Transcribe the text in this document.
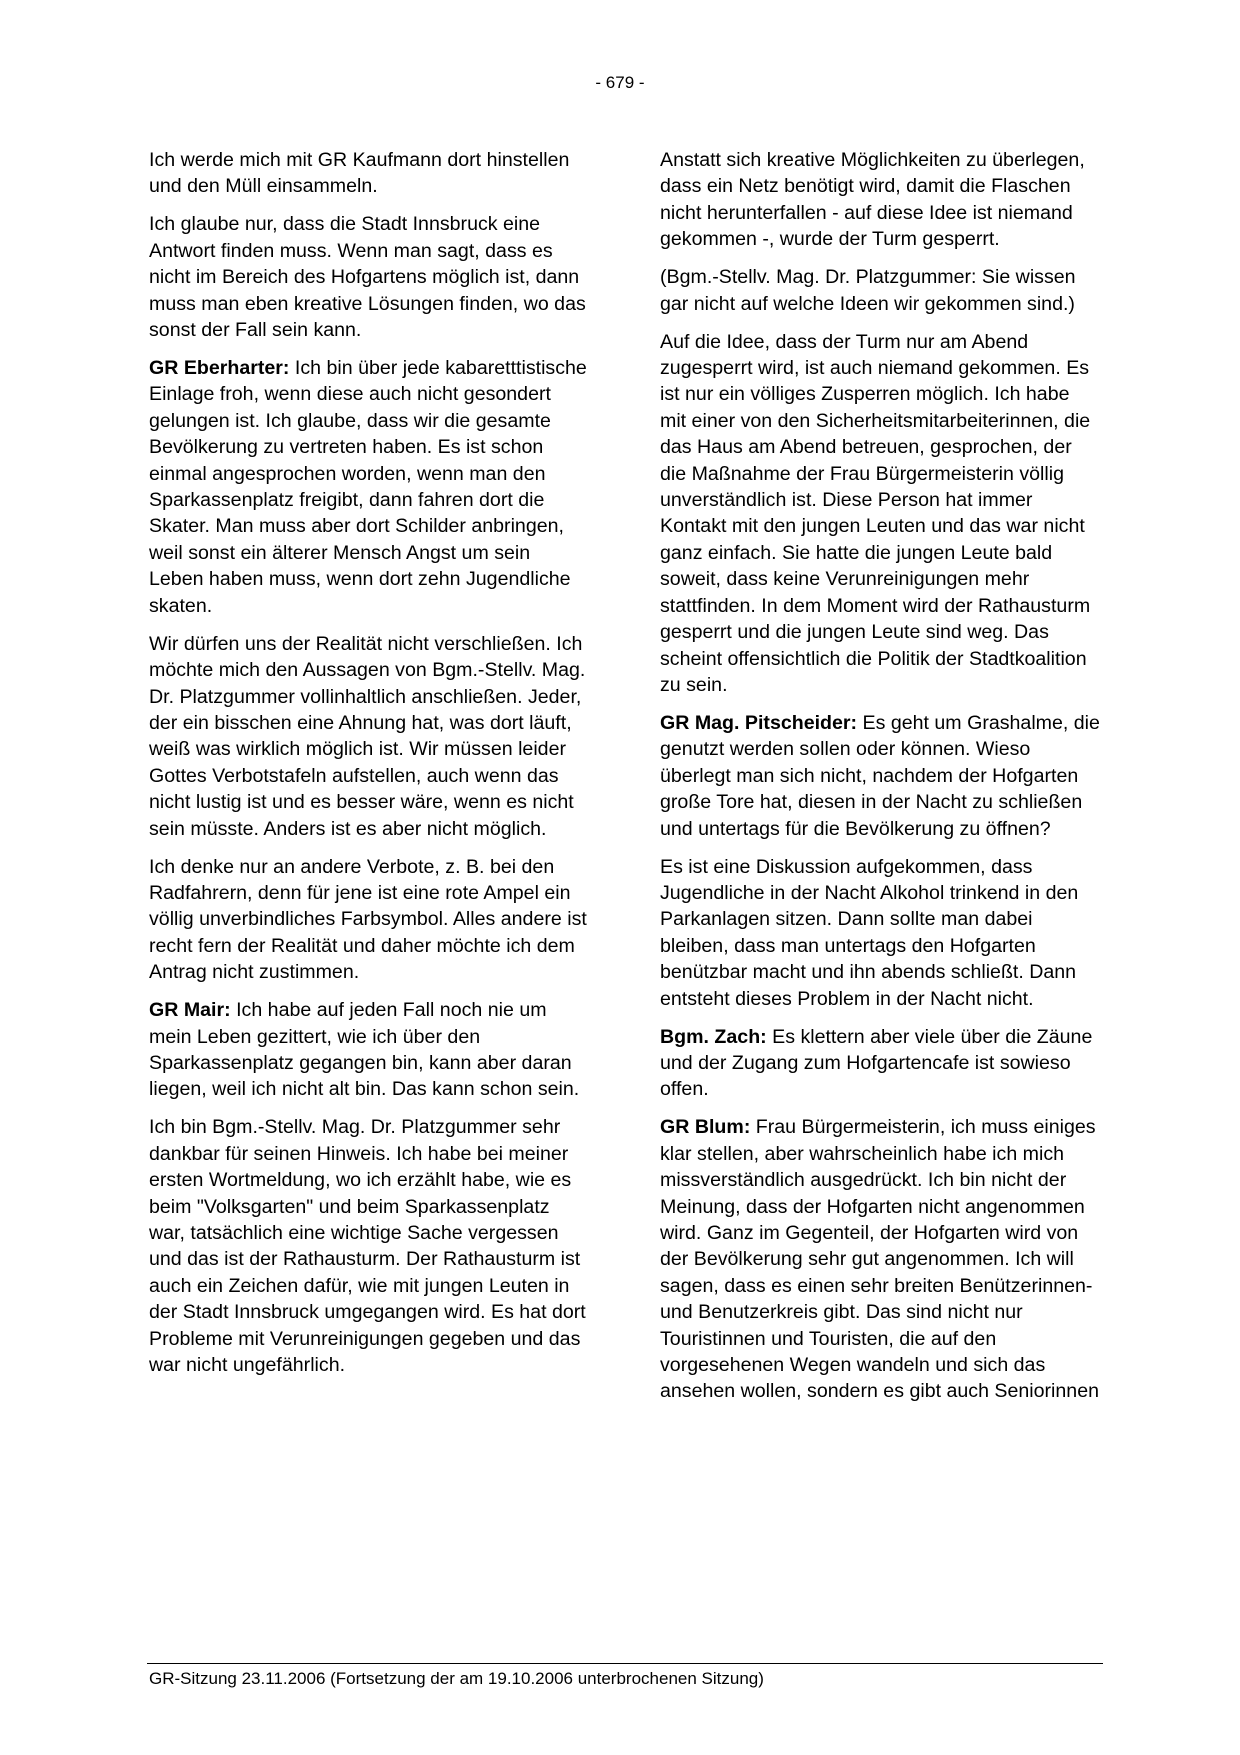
- 679 -

Ich werde mich mit GR Kaufmann dort hinstellen und den Müll einsammeln.

Ich glaube nur, dass die Stadt Innsbruck eine Antwort finden muss. Wenn man sagt, dass es nicht im Bereich des Hofgartens möglich ist, dann muss man eben kreative Lösungen finden, wo das sonst der Fall sein kann.

GR Eberharter: Ich bin über jede kabaretttistische Einlage froh, wenn diese auch nicht gesondert gelungen ist. Ich glaube, dass wir die gesamte Bevölkerung zu vertreten haben. Es ist schon einmal angesprochen worden, wenn man den Sparkassenplatz freigibt, dann fahren dort die Skater. Man muss aber dort Schilder anbringen, weil sonst ein älterer Mensch Angst um sein Leben haben muss, wenn dort zehn Jugendliche skaten.

Wir dürfen uns der Realität nicht verschließen. Ich möchte mich den Aussagen von Bgm.-Stellv. Mag. Dr. Platzgummer vollinhaltlich anschließen. Jeder, der ein bisschen eine Ahnung hat, was dort läuft, weiß was wirklich möglich ist. Wir müssen leider Gottes Verbotstafeln aufstellen, auch wenn das nicht lustig ist und es besser wäre, wenn es nicht sein müsste. Anders ist es aber nicht möglich.

Ich denke nur an andere Verbote, z. B. bei den Radfahrern, denn für jene ist eine rote Ampel ein völlig unverbindliches Farbsymbol. Alles andere ist recht fern der Realität und daher möchte ich dem Antrag nicht zustimmen.

GR Mair: Ich habe auf jeden Fall noch nie um mein Leben gezittert, wie ich über den Sparkassenplatz gegangen bin, kann aber daran liegen, weil ich nicht alt bin. Das kann schon sein.

Ich bin Bgm.-Stellv. Mag. Dr. Platzgummer sehr dankbar für seinen Hinweis. Ich habe bei meiner ersten Wortmeldung, wo ich erzählt habe, wie es beim "Volksgarten" und beim Sparkassenplatz war, tatsächlich eine wichtige Sache vergessen und das ist der Rathausturm. Der Rathausturm ist auch ein Zeichen dafür, wie mit jungen Leuten in der Stadt Innsbruck umgegangen wird. Es hat dort Probleme mit Verunreinigungen gegeben und das war nicht ungefährlich.

Anstatt sich kreative Möglichkeiten zu überlegen, dass ein Netz benötigt wird, damit die Flaschen nicht herunterfallen - auf diese Idee ist niemand gekommen -, wurde der Turm gesperrt.

(Bgm.-Stellv. Mag. Dr. Platzgummer: Sie wissen gar nicht auf welche Ideen wir gekommen sind.)

Auf die Idee, dass der Turm nur am Abend zugesperrt wird, ist auch niemand gekommen. Es ist nur ein völliges Zusperren möglich. Ich habe mit einer von den Sicherheitsmitarbeiterinnen, die das Haus am Abend betreuen, gesprochen, der die Maßnahme der Frau Bürgermeisterin völlig unverständlich ist. Diese Person hat immer Kontakt mit den jungen Leuten und das war nicht ganz einfach. Sie hatte die jungen Leute bald soweit, dass keine Verunreinigungen mehr stattfinden. In dem Moment wird der Rathausturm gesperrt und die jungen Leute sind weg. Das scheint offensichtlich die Politik der Stadtkoalition zu sein.

GR Mag. Pitscheider: Es geht um Grashalme, die genutzt werden sollen oder können. Wieso überlegt man sich nicht, nachdem der Hofgarten große Tore hat, diesen in der Nacht zu schließen und untertags für die Bevölkerung zu öffnen?

Es ist eine Diskussion aufgekommen, dass Jugendliche in der Nacht Alkohol trinkend in den Parkanlagen sitzen. Dann sollte man dabei bleiben, dass man untertags den Hofgarten benützbar macht und ihn abends schließt. Dann entsteht dieses Problem in der Nacht nicht.

Bgm. Zach: Es klettern aber viele über die Zäune und der Zugang zum Hofgartencafe ist sowieso offen.

GR Blum: Frau Bürgermeisterin, ich muss einiges klar stellen, aber wahrscheinlich habe ich mich missverständlich ausgedrückt. Ich bin nicht der Meinung, dass der Hofgarten nicht angenommen wird. Ganz im Gegenteil, der Hofgarten wird von der Bevölkerung sehr gut angenommen. Ich will sagen, dass es einen sehr breiten Benützerinnen- und Benutzerkreis gibt. Das sind nicht nur Touristinnen und Touristen, die auf den vorgesehenen Wegen wandeln und sich das ansehen wollen, sondern es gibt auch Seniorinnen

GR-Sitzung 23.11.2006 (Fortsetzung der am 19.10.2006 unterbrochenen Sitzung)
